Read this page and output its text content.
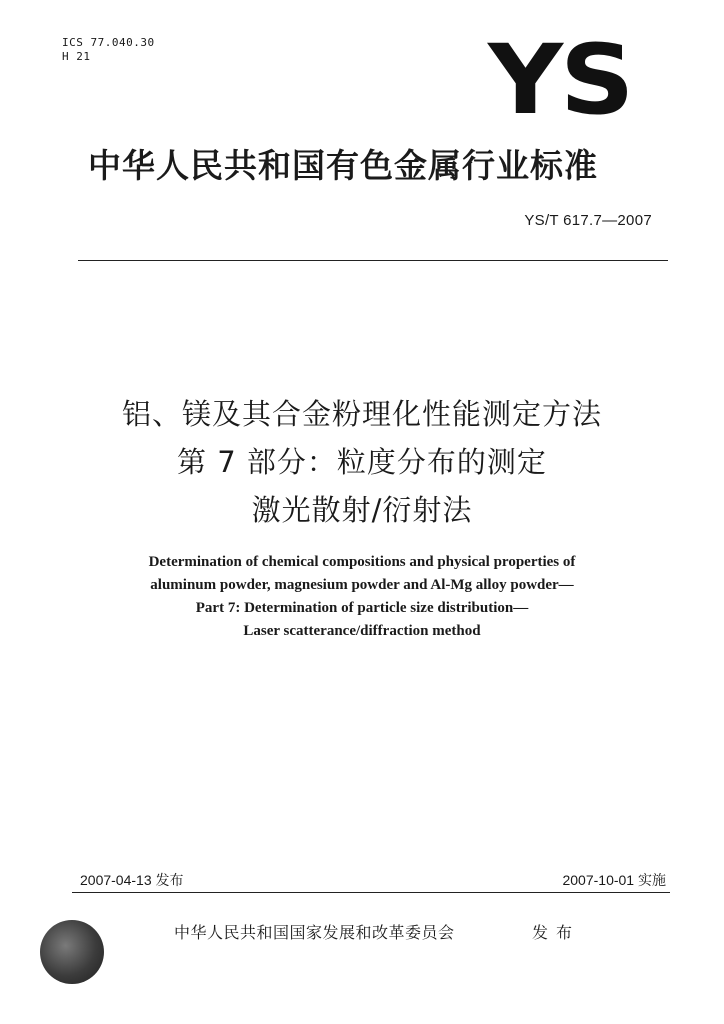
ICS 77.040.30
H 21	YS
中华人民共和国有色金属行业标准
YS/T 617.7—2007
铝、镁及其合金粉理化性能测定方法
第 7 部分：粒度分布的测定
激光散射/衍射法
Determination of chemical compositions and physical properties of
aluminum powder, magnesium powder and Al-Mg alloy powder—
Part 7: Determination of particle size distribution—
Laser scatterance/diffraction method
2007-04-13 发布	2007-10-01 实施
中华人民共和国国家发展和改革委员会	发布
